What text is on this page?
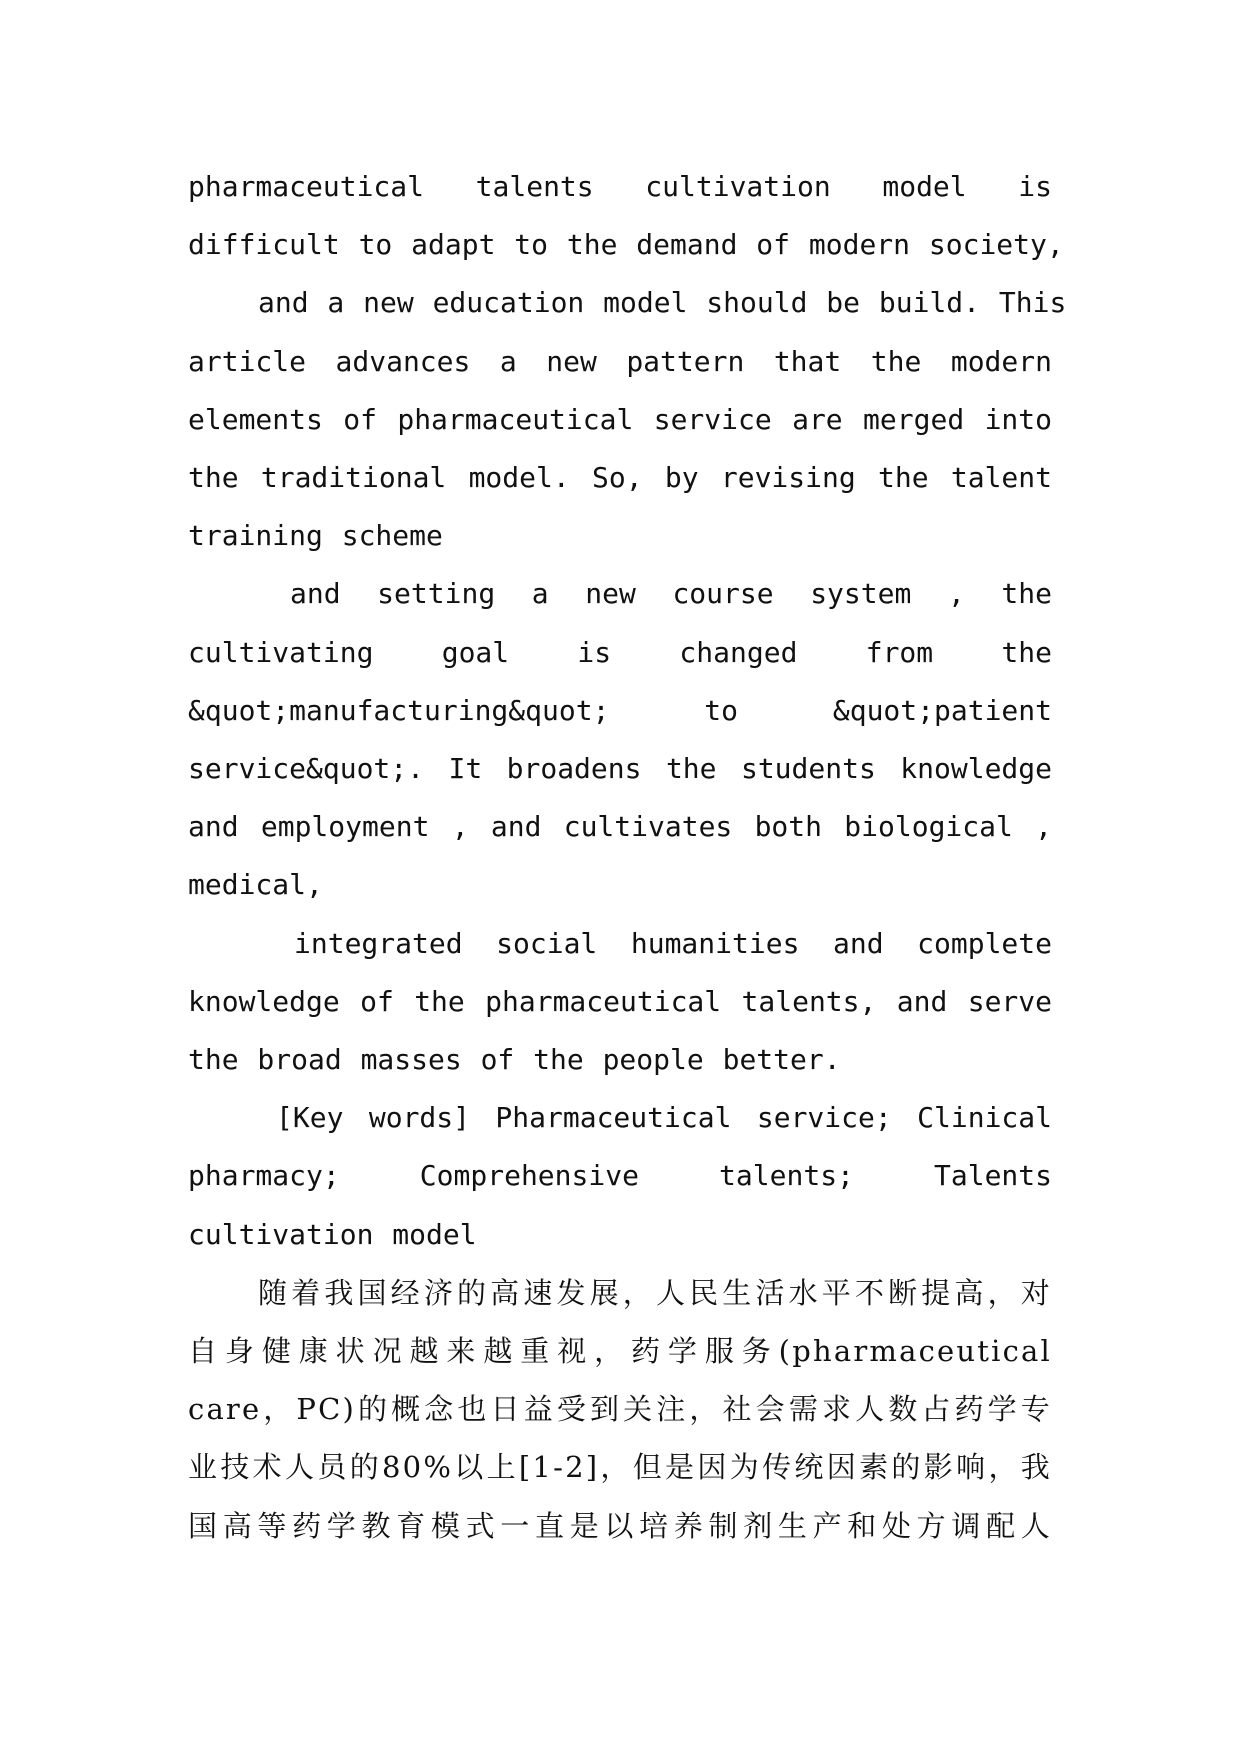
pharmaceutical talents cultivation model is
difficult to adapt to the demand of modern society,
and a new education model should be build. This
article advances a new pattern that the modern
elements of pharmaceutical service are merged into
the traditional model. So, by revising the talent
training scheme
and setting a new course system , the
cultivating goal is changed from the
&quot;manufacturing&quot; to &quot;patient
service&quot;. It broadens the students knowledge
and employment , and cultivates both biological ,
medical,
integrated social humanities and complete
knowledge of the pharmaceutical talents, and serve
the broad masses of the people better.
[Key words] Pharmaceutical service; Clinical
pharmacy; Comprehensive talents; Talents
cultivation model
随着我国经济的高速发展，人民生活水平不断提高，对
自身健康状况越来越重视，药学服务(pharmaceutical
care，PC)的概念也日益受到关注，社会需求人数占药学专
业技术人员的80%以上[1-2]，但是因为传统因素的影响，我
国高等药学教育模式一直是以培养制剂生产和处方调配人
